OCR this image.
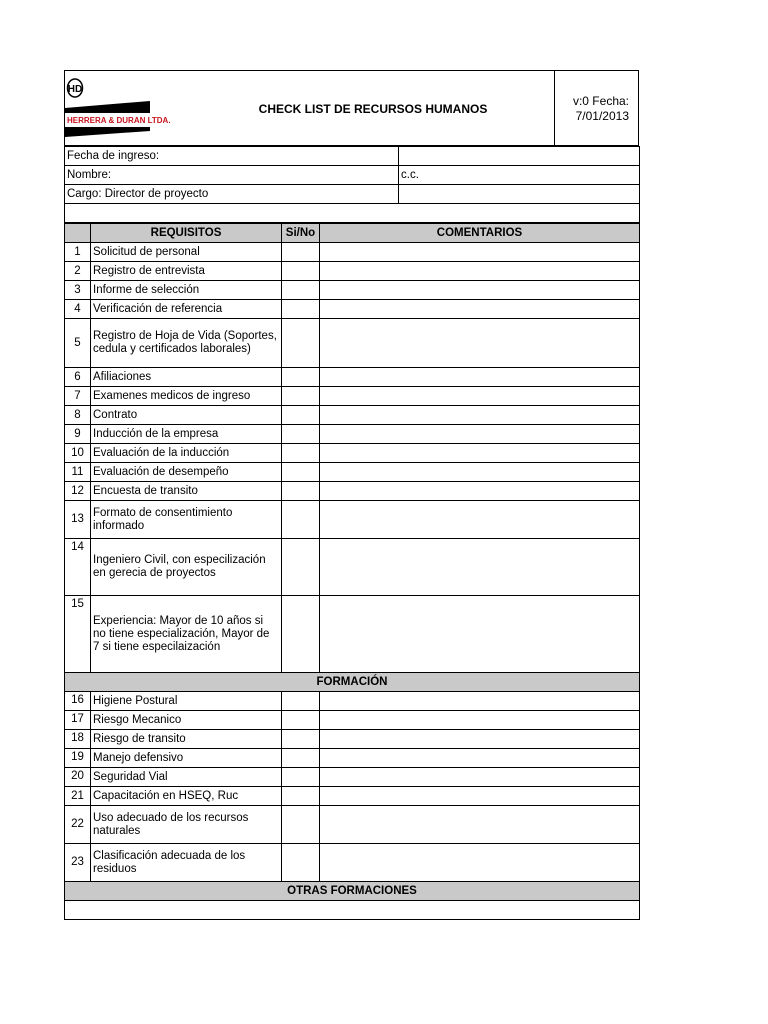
HD
HERRERA & DURAN LTDA.
CHECK LIST DE RECURSOS HUMANOS
v:0 Fecha:
7/01/2013
Fecha de ingreso:	
Nombre:	c.c.
Cargo: Director de proyecto	

	REQUISITOS	Si/No	COMENTARIOS
1	Solicitud de personal		
2	Registro de entrevista		
3	Informe de selección		
4	Verificación de referencia		
5	Registro de Hoja de Vida (Soportes, cedula y certificados laborales)		
6	Afiliaciones		
7	Examenes medicos de ingreso		
8	Contrato		
9	Inducción de la empresa		
10	Evaluación de la inducción		
11	Evaluación de desempeño		
12	Encuesta de transito		
13	Formato de consentimiento informado		
14	Ingeniero Civil, con especilización en gerecia de proyectos		
15	Experiencia: Mayor de 10 años si no tiene especialización, Mayor de 7 si tiene especilaización		
FORMACIÓN			
16	Higiene Postural		
17	Riesgo Mecanico		
18	Riesgo de transito		
19	Manejo defensivo		
20	Seguridad Vial		
21	Capacitación en HSEQ, Ruc		
22	Uso adecuado de los recursos naturales		
23	Clasificación adecuada de los residuos		
OTRAS FORMACIONES			
